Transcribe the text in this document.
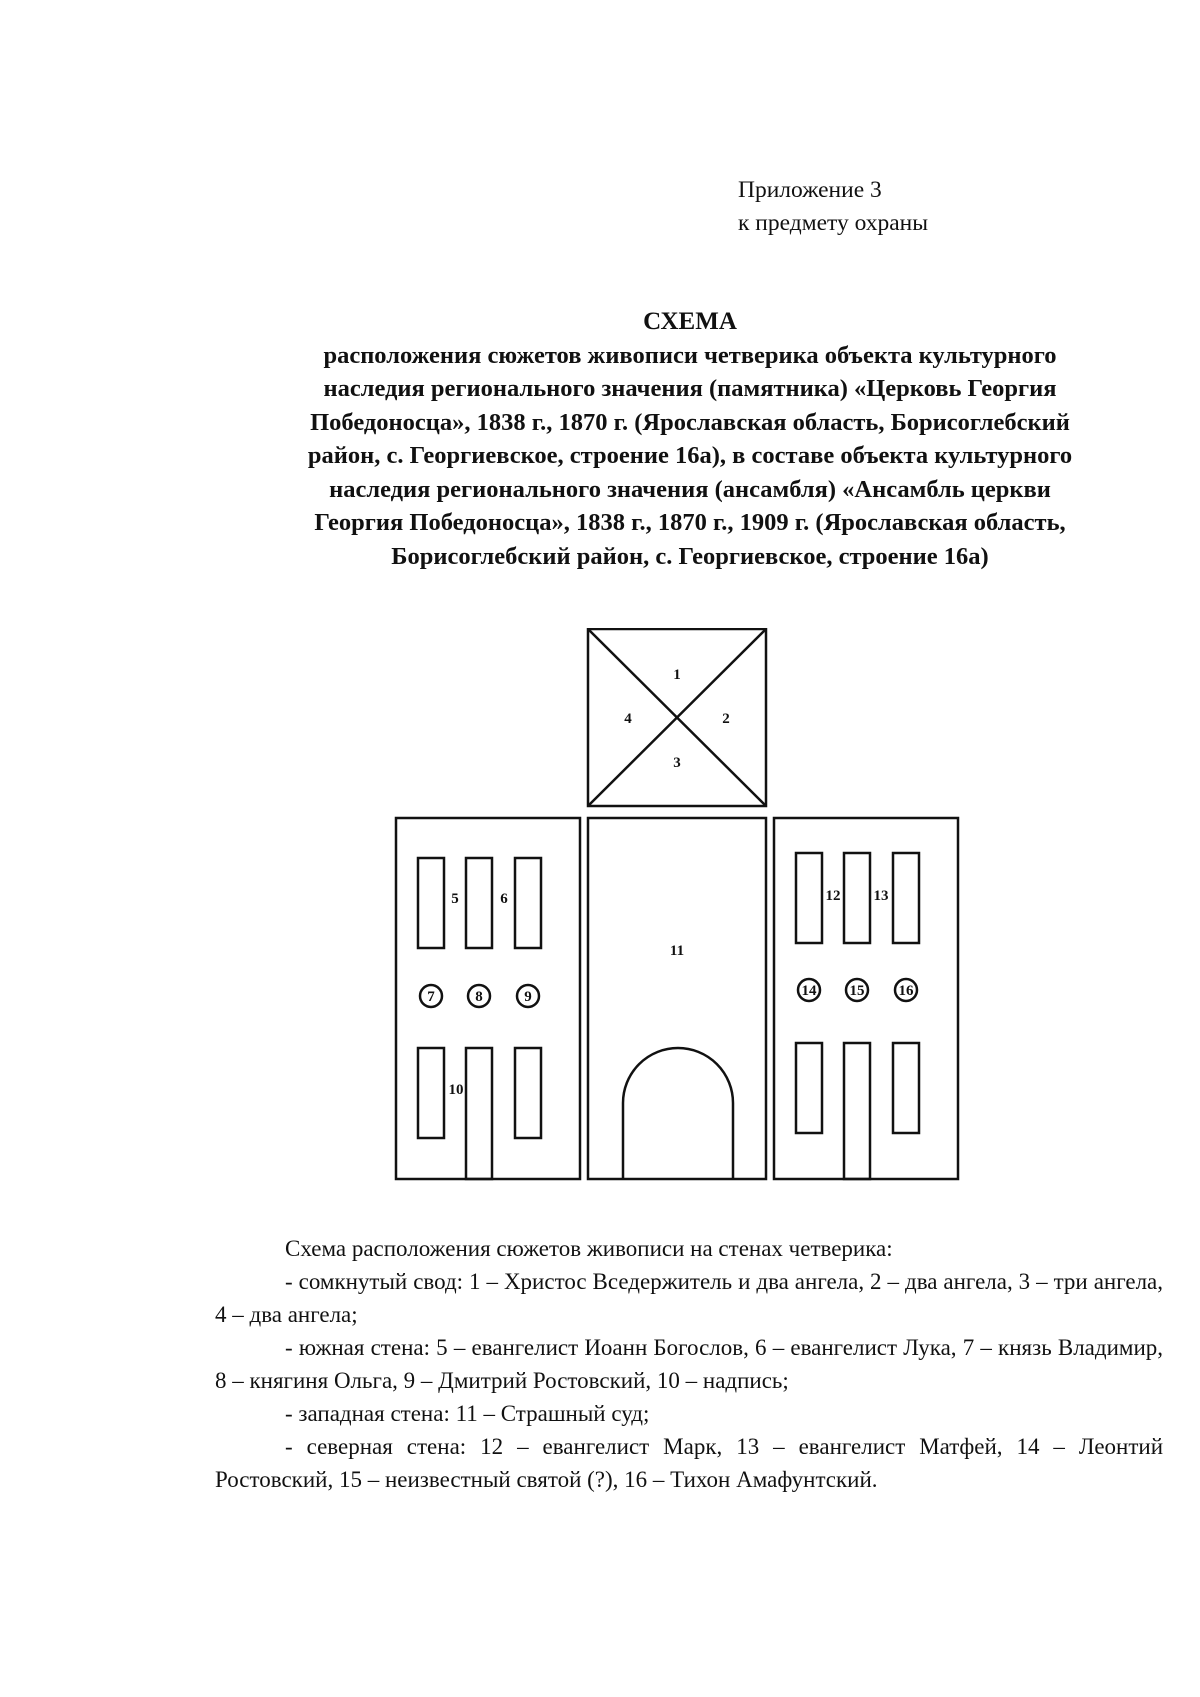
Приложение 3
к предмету охраны
СХЕМА
расположения сюжетов живописи четверика объекта культурного
наследия регионального значения (памятника) «Церковь Георгия
Победоносца», 1838 г., 1870 г. (Ярославская область, Борисоглебский
район, с. Георгиевское, строение 16а), в составе объекта культурного
наследия регионального значения (ансамбля) «Ансамбль церкви
Георгия Победоносца», 1838 г., 1870 г., 1909 г. (Ярославская область,
Борисоглебский район, с. Георгиевское, строение 16а)
1
2
3
4
5	6
7	8	9
10
11
12 13
14 15 16

Схема расположения сюжетов живописи на стенах четверика:

- сомкнутый свод: 1 – Христос Вседержитель и два ангела, 2 – два ангела, 3 – три ангела, 4 – два ангела;

- южная стена: 5 – евангелист Иоанн Богослов, 6 – евангелист Лука, 7 – князь Владимир, 8 – княгиня Ольга, 9 – Дмитрий Ростовский, 10 – надпись;

- западная стена: 11 – Страшный суд;

- северная стена: 12 – евангелист Марк, 13 – евангелист Матфей, 14 – Леонтий Ростовский, 15 – неизвестный святой (?), 16 – Тихон Амафунтский.
